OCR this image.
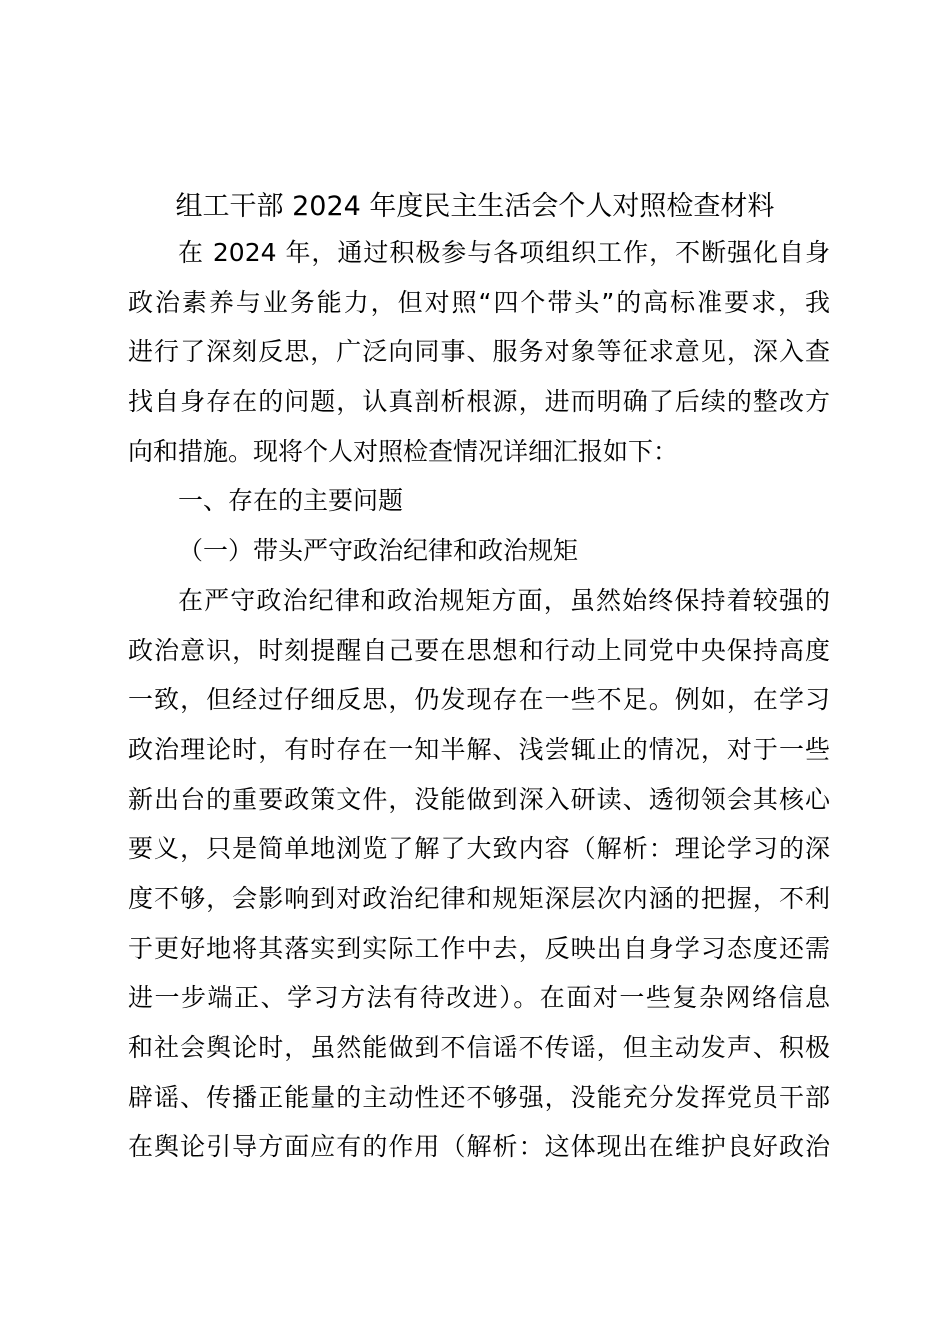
组工干部 2024 年度民主生活会个人对照检查材料
在 2024 年，通过积极参与各项组织工作，不断强化自身
政治素养与业务能力，但对照“四个带头”的高标准要求，我
进行了深刻反思，广泛向同事、服务对象等征求意见，深入查
找自身存在的问题，认真剖析根源，进而明确了后续的整改方
向和措施。现将个人对照检查情况详细汇报如下：
一、存在的主要问题
（一）带头严守政治纪律和政治规矩
在严守政治纪律和政治规矩方面，虽然始终保持着较强的
政治意识，时刻提醒自己要在思想和行动上同党中央保持高度
一致，但经过仔细反思，仍发现存在一些不足。例如，在学习
政治理论时，有时存在一知半解、浅尝辄止的情况，对于一些
新出台的重要政策文件，没能做到深入研读、透彻领会其核心
要义，只是简单地浏览了解了大致内容（解析：理论学习的深
度不够，会影响到对政治纪律和规矩深层次内涵的把握，不利
于更好地将其落实到实际工作中去，反映出自身学习态度还需
进一步端正、学习方法有待改进）。在面对一些复杂网络信息
和社会舆论时，虽然能做到不信谣不传谣，但主动发声、积极
辟谣、传播正能量的主动性还不够强，没能充分发挥党员干部
在舆论引导方面应有的作用（解析：这体现出在维护良好政治
